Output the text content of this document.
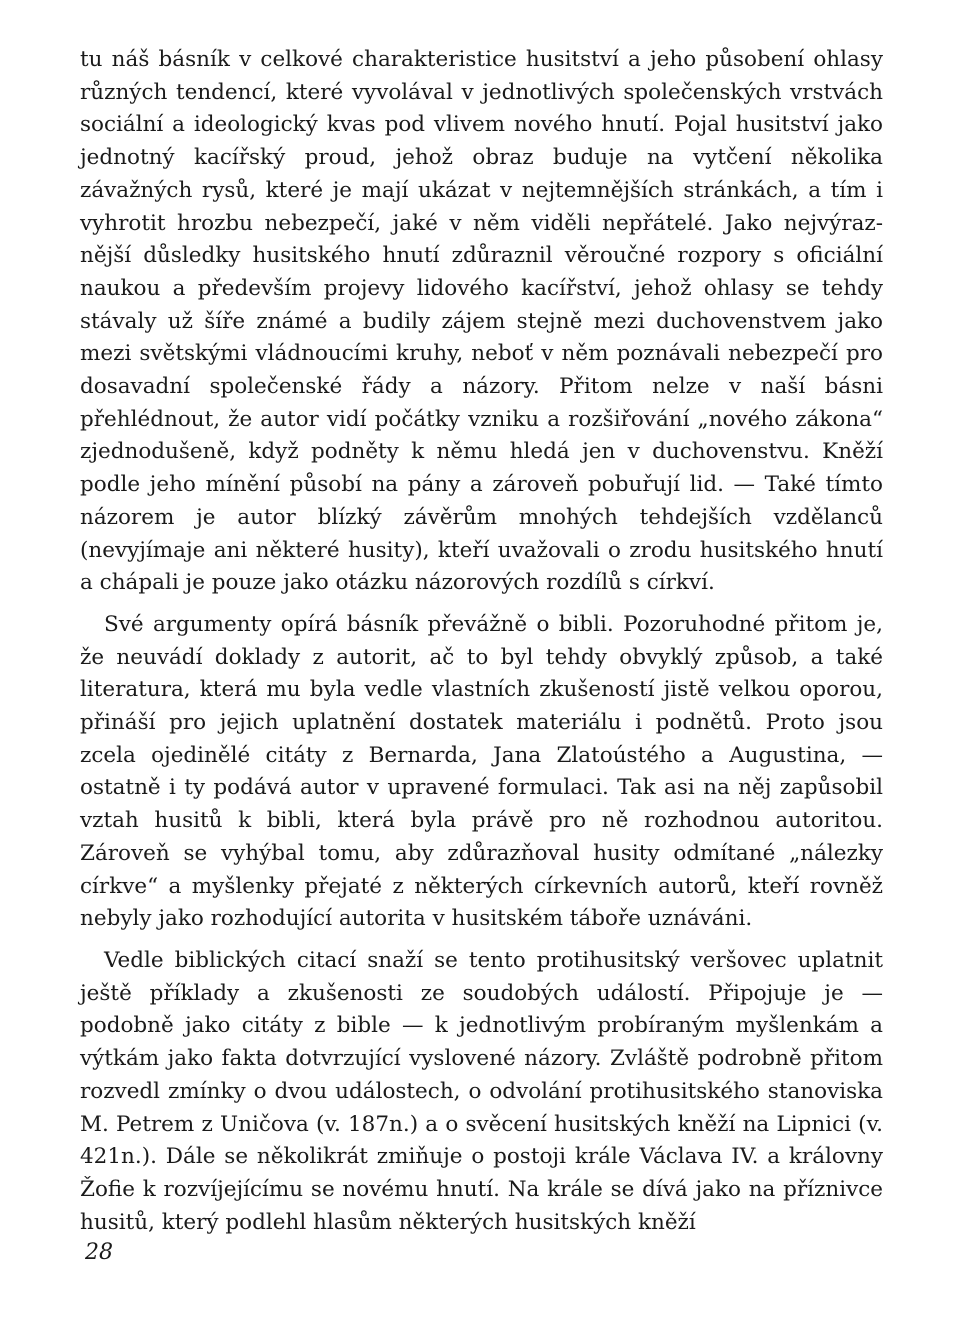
tu náš básník v celkové charakteristice husitství a jeho působení ohlasy různých tendencí, které vyvolával v jednotlivých společenských vrstvách sociální a ideologický kvas pod vlivem nového hnutí. Pojal husitství jako jednotný kacířský proud, jehož obraz buduje na vytčení několika závažných rysů, které je mají ukázat v nejtemnějších stránkách, a tím i vyhrotit hrozbu nebezpečí, jaké v něm viděli nepřátelé. Jako nejvýraznější důsledky husitského hnutí zdůraznil věroučné rozpory s oficiální naukou a především projevy lidového kacířství, jehož ohlasy se tehdy stávaly už šíře známé a budily zájem stejně mezi duchovenstvem jako mezi světskými vládnoucími kruhy, neboť v něm poznávali nebezpečí pro dosavadní společenské řády a názory. Přitom nelze v naší básni přehlédnout, že autor vidí počátky vzniku a rozšiřování „nového zákona“ zjednodušeně, když podněty k němu hledá jen v duchovenstvu. Kněží podle jeho mínění působí na pány a zároveň pobuřují lid. — Také tímto názorem je autor blízký závěrům mnohých tehdejších vzdělanců (nevyjímaje ani některé husity), kteří uvažovali o zrodu husitského hnutí a chápali je pouze jako otázku názorových rozdílů s církví.

Své argumenty opírá básník převážně o bibli. Pozoruhodné přitom je, že neuvádí doklady z autorit, ač to byl tehdy obvyklý způsob, a také literatura, která mu byla vedle vlastních zkušeností jistě velkou oporou, přináší pro jejich uplatnění dostatek materiálu i podnětů. Proto jsou zcela ojedinělé citáty z Bernarda, Jana Zlatoústého a Augustina, — ostatně i ty podává autor v upravené formulaci. Tak asi na něj zapůsobil vztah husitů k bibli, která byla právě pro ně rozhodnou autoritou. Zároveň se vyhýbal tomu, aby zdůrazňoval husity odmítané „nálezky církve“ a myšlenky přejaté z některých církevních autorů, kteří rovněž nebyly jako rozhodující autorita v husitském táboře uznáváni.

Vedle biblických citací snaží se tento protihusitský veršovec uplatnit ještě příklady a zkušenosti ze soudobých událostí. Připojuje je — podobně jako citáty z bible — k jednotlivým probíraným myšlenkám a výtkám jako fakta dotvrzující vyslovené názory. Zvláště podrobně přitom rozvedl zmínky o dvou událostech, o odvolání protihusitského stanoviska M. Petrem z Uničova (v. 187n.) a o svěcení husitských kněží na Lipnici (v. 421n.). Dále se několikrát zmiňuje o postoji krále Václava IV. a královny Žofie k rozvíjejícímu se novému hnutí. Na krále se dívá jako na příznivce husitů, který podlehl hlasům některých husitských kněží

28
